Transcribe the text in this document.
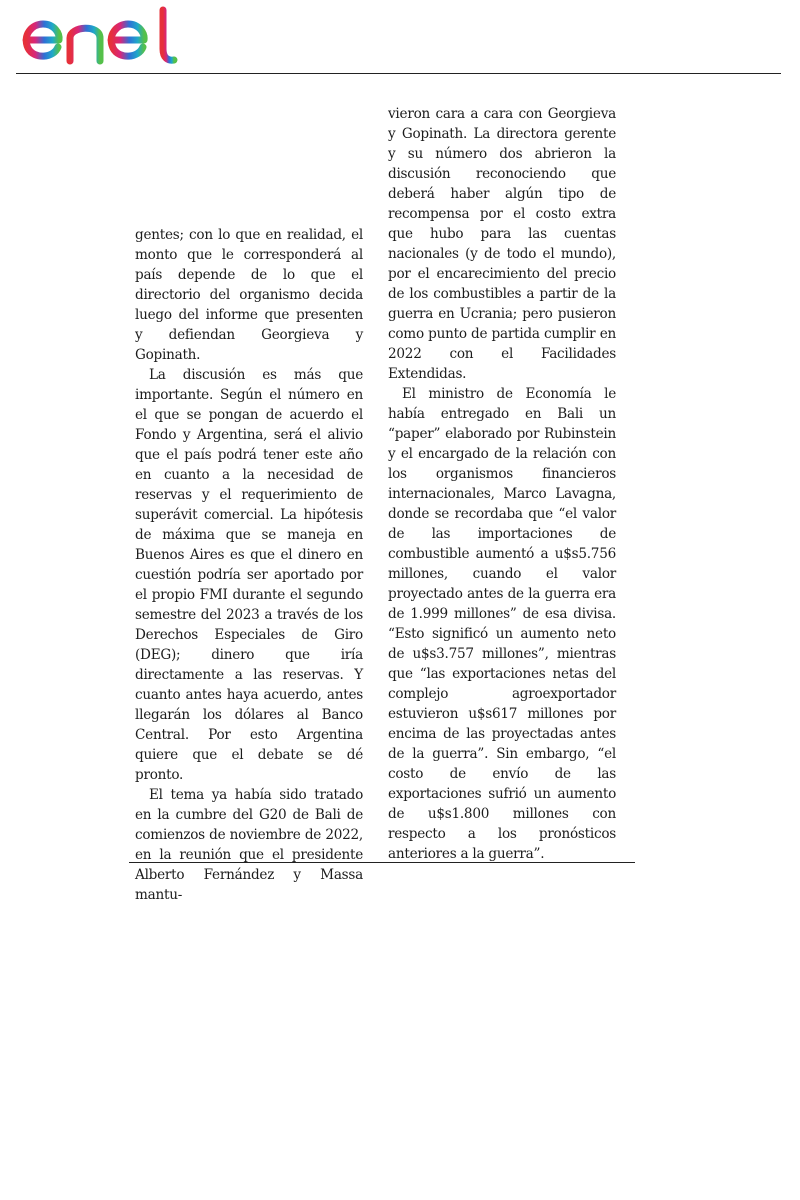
gentes; con lo que en realidad, el monto que le corresponderá al país depende de lo que el directorio del organismo decida luego del informe que presenten y defiendan Georgieva y Gopinath.

La discusión es más que importante. Según el número en el que se pongan de acuerdo el Fondo y Argentina, será el alivio que el país podrá tener este año en cuanto a la necesidad de reservas y el requerimiento de superávit comercial. La hipótesis de máxima que se maneja en Buenos Aires es que el dinero en cuestión podría ser aportado por el propio FMI durante el segundo semestre del 2023 a través de los Derechos Especiales de Giro (DEG); dinero que iría directamente a las reservas. Y cuanto antes haya acuerdo, antes llegarán los dólares al Banco Central. Por esto Argentina quiere que el debate se dé pronto.

El tema ya había sido tratado en la cumbre del G20 de Bali de comienzos de noviembre de 2022, en la reunión que el presidente Alberto Fernández y Massa mantu-

vieron cara a cara con Georgieva y Gopinath. La directora gerente y su número dos abrieron la discusión reconociendo que deberá haber algún tipo de recompensa por el costo extra que hubo para las cuentas nacionales (y de todo el mundo), por el encarecimiento del precio de los combustibles a partir de la guerra en Ucrania; pero pusieron como punto de partida cumplir en 2022 con el Facilidades Extendidas.

El ministro de Economía le había entregado en Bali un “paper” elaborado por Rubinstein y el encargado de la relación con los organismos financieros internacionales, Marco Lavagna, donde se recordaba que “el valor de las importaciones de combustible aumentó a u$s5.756 millones, cuando el valor proyectado antes de la guerra era de 1.999 millones” de esa divisa. “Esto significó un aumento neto de u$s3.757 millones”, mientras que “las exportaciones netas del complejo agroexportador estuvieron u$s617 millones por encima de las proyectadas antes de la guerra”. Sin embargo, “el costo de envío de las exportaciones sufrió un aumento de u$s1.800 millones con respecto a los pronósticos anteriores a la guerra”.
